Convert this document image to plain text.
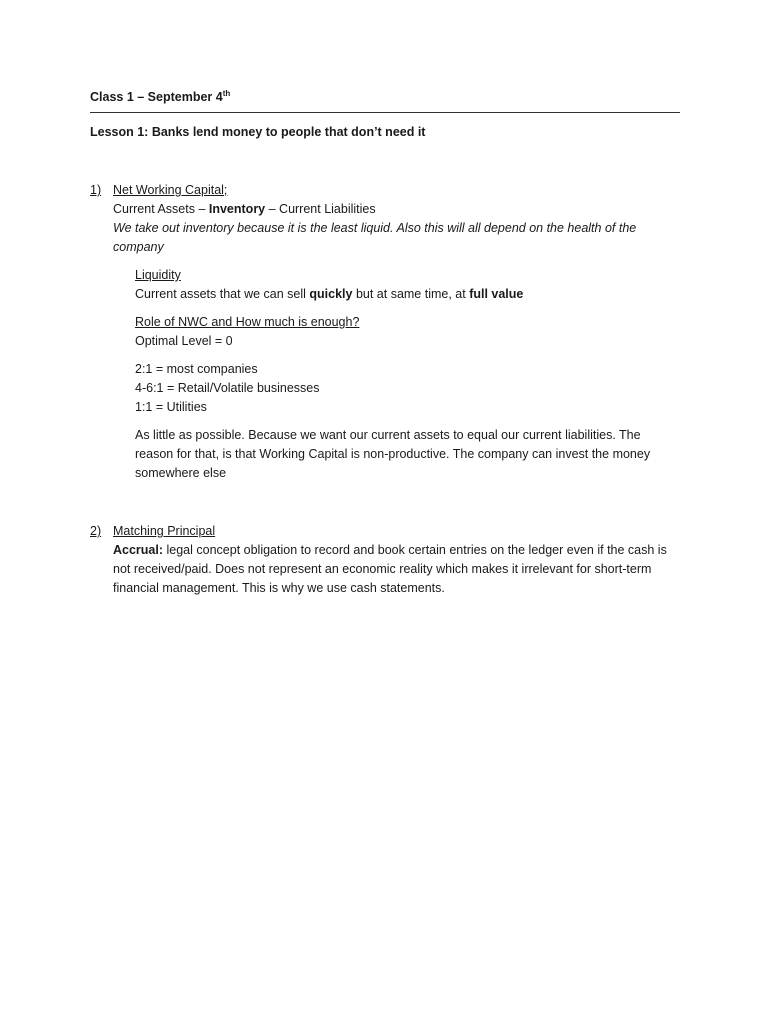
Class 1 – September 4th
Lesson 1: Banks lend money to people that don’t need it
1) Net Working Capital;
Current Assets – Inventory – Current Liabilities

We take out inventory because it is the least liquid. Also this will all depend on the health of the company

Liquidity
Current assets that we can sell quickly but at same time, at full value
Role of NWC and How much is enough?
Optimal Level = 0
2:1 = most companies
4-6:1 = Retail/Volatile businesses
1:1 = Utilities

As little as possible. Because we want our current assets to equal our current liabilities. The reason for that, is that Working Capital is non-productive. The company can invest the money somewhere else

2) Matching Principal

Accrual: legal concept obligation to record and book certain entries on the ledger even if the cash is not received/paid. Does not represent an economic reality which makes it irrelevant for short-term financial management. This is why we use cash statements.
